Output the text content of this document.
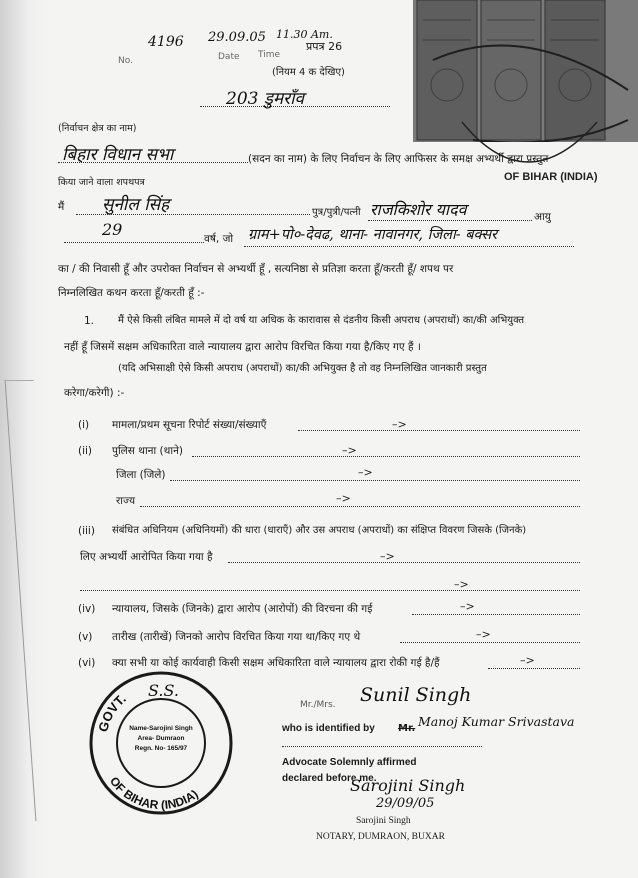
4196 29.09.05 11.30 Am.
No.	Date Time
प्रपत्र 26
(नियम 4 क देखिए)
203 डुमराँव
OF BIHAR (INDIA)
(निर्वाचन क्षेत्र का नाम)
बिहार विधान सभा	(सदन का नाम) के लिए निर्वाचन के लिए आफिसर के समक्ष अभ्यर्थी द्वारा प्रस्तुत
किया जाने वाला शपथपत्र
मैं सुनील सिंह	पुत्र/पुत्री/पत्नी राजकिशोर यादव	आयु
29	वर्ष, जो ग्राम+पो०-देवढ, थाना- नावानगर, जिला- बक्सर
का / की निवासी हूँ और उपरोक्त निर्वाचन से अभ्यर्थी हूँ , सत्यनिष्ठा से प्रतिज्ञा करता हूँ/करती हूँ/ शपथ पर
निम्नलिखित कथन करता हूँ/करती हूँ :-
1. मैं ऐसे किसी लंबित मामले में दो वर्ष या अधिक के कारावास से दंडनीय किसी अपराध (अपराधों) का/की अभियुक्त
नहीं हूँ जिसमें सक्षम अधिकारिता वाले न्यायालय द्वारा आरोप विरचित किया गया है/किए गए हैं ।
(यदि अभिसाक्षी ऐसे किसी अपराध (अपराधों) का/की अभियुक्त है तो वह निम्नलिखित जानकारी प्रस्तुत
करेगा/करेगी) :-
(i) मामला/प्रथम सूचना रिपोर्ट संख्या/संख्याएँ	–>
(ii) पुलिस थाना (थाने)	–>
जिला (जिले)	–>
राज्य	–>
(iii) संबंधित अधिनियम (अधिनियमों) की धारा (धाराएँ) और उस अपराध (अपराधों) का संक्षिप्त विवरण जिसके (जिनके)
लिए अभ्यर्थी आरोपित किया गया है	–>
–>
(iv) न्यायालय, जिसके (जिनके) द्वारा आरोप (आरोपों) की विरचना की गई	–>
(v) तारीख (तारीखें) जिनको आरोप विरचित किया गया था/किए गए थे	–>
(vi) क्या सभी या कोई कार्यवाही किसी सक्षम अधिकारिता वाले न्यायालय द्वारा रोकी गई है/हैं	–>
GOVT.
OF BIHAR (INDIA)
Name-Sarojini Singh
Area- Dumraon
Regn. No- 165/97
S.S.
Mr./Mrs. Sunil Singh
who is identified by Mr. Manoj Kumar Srivastava
Advocate Solemnly affirmed
declared before me.
Sarojini Singh
29/09/05
Sarojini Singh
NOTARY, DUMRAON, BUXAR
